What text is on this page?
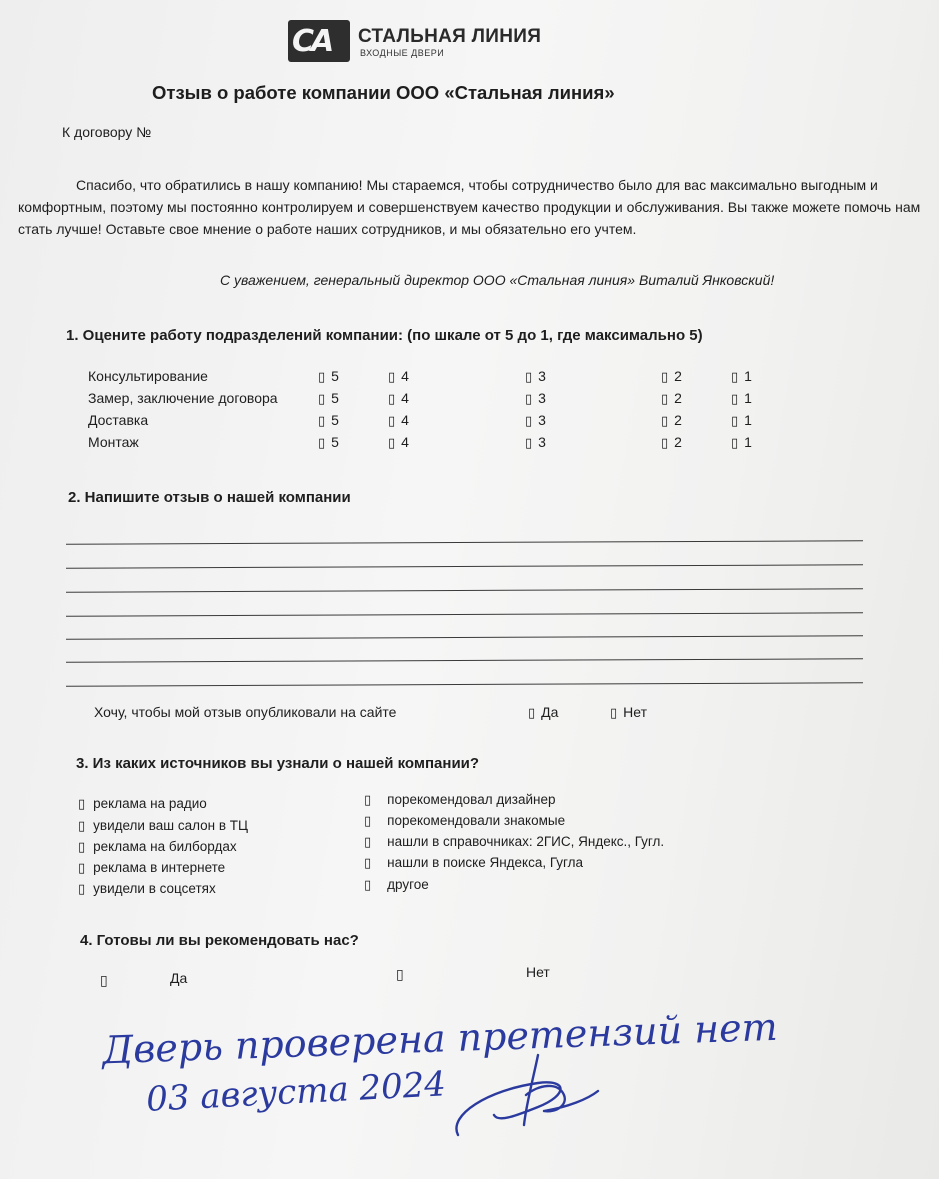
СА СТАЛЬНАЯ ЛИНИЯ
ВХОДНЫЕ ДВЕРИ
Отзыв о работе компании ООО «Стальная линия»
К договору №
Спасибо, что обратились в нашу компанию! Мы стараемся, чтобы сотрудничество было для вас максимально выгодным и комфортным, поэтому мы постоянно контролируем и совершенствуем качество продукции и обслуживания. Вы также можете помочь нам стать лучше! Оставьте свое мнение о работе наших сотрудников, и мы обязательно его учтем.
С уважением, генеральный директор ООО «Стальная линия» Виталий Янковский!
1. Оцените работу подразделений компании: (по шкале от 5 до 1, где максимально 5)
Консультирование	▯ 5	▯ 4	▯ 3	▯ 2	▯ 1
Замер, заключение договора	▯ 5	▯ 4	▯ 3	▯ 2	▯ 1
Доставка	▯ 5	▯ 4	▯ 3	▯ 2	▯ 1
Монтаж	▯ 5	▯ 4	▯ 3	▯ 2	▯ 1
2. Напишите отзыв о нашей компании
Хочу, чтобы мой отзыв опубликовали на сайте	▯ Да	▯ Нет
3. Из каких источников вы узнали о нашей компании?
▯ реклама на радио
▯ увидели ваш салон в ТЦ
▯ реклама на билбордах
▯ реклама в интернете
▯ увидели в соцсетях
▯ порекомендовал дизайнер
▯ порекомендовали знакомые
▯ нашли в справочниках: 2ГИС, Яндекс., Гугл.
▯ нашли в поиске Яндекса, Гугла
▯ другое
4. Готовы ли вы рекомендовать нас?
▯	Да	▯	Нет
Дверь проверена претензий нет
03 августа 2024
